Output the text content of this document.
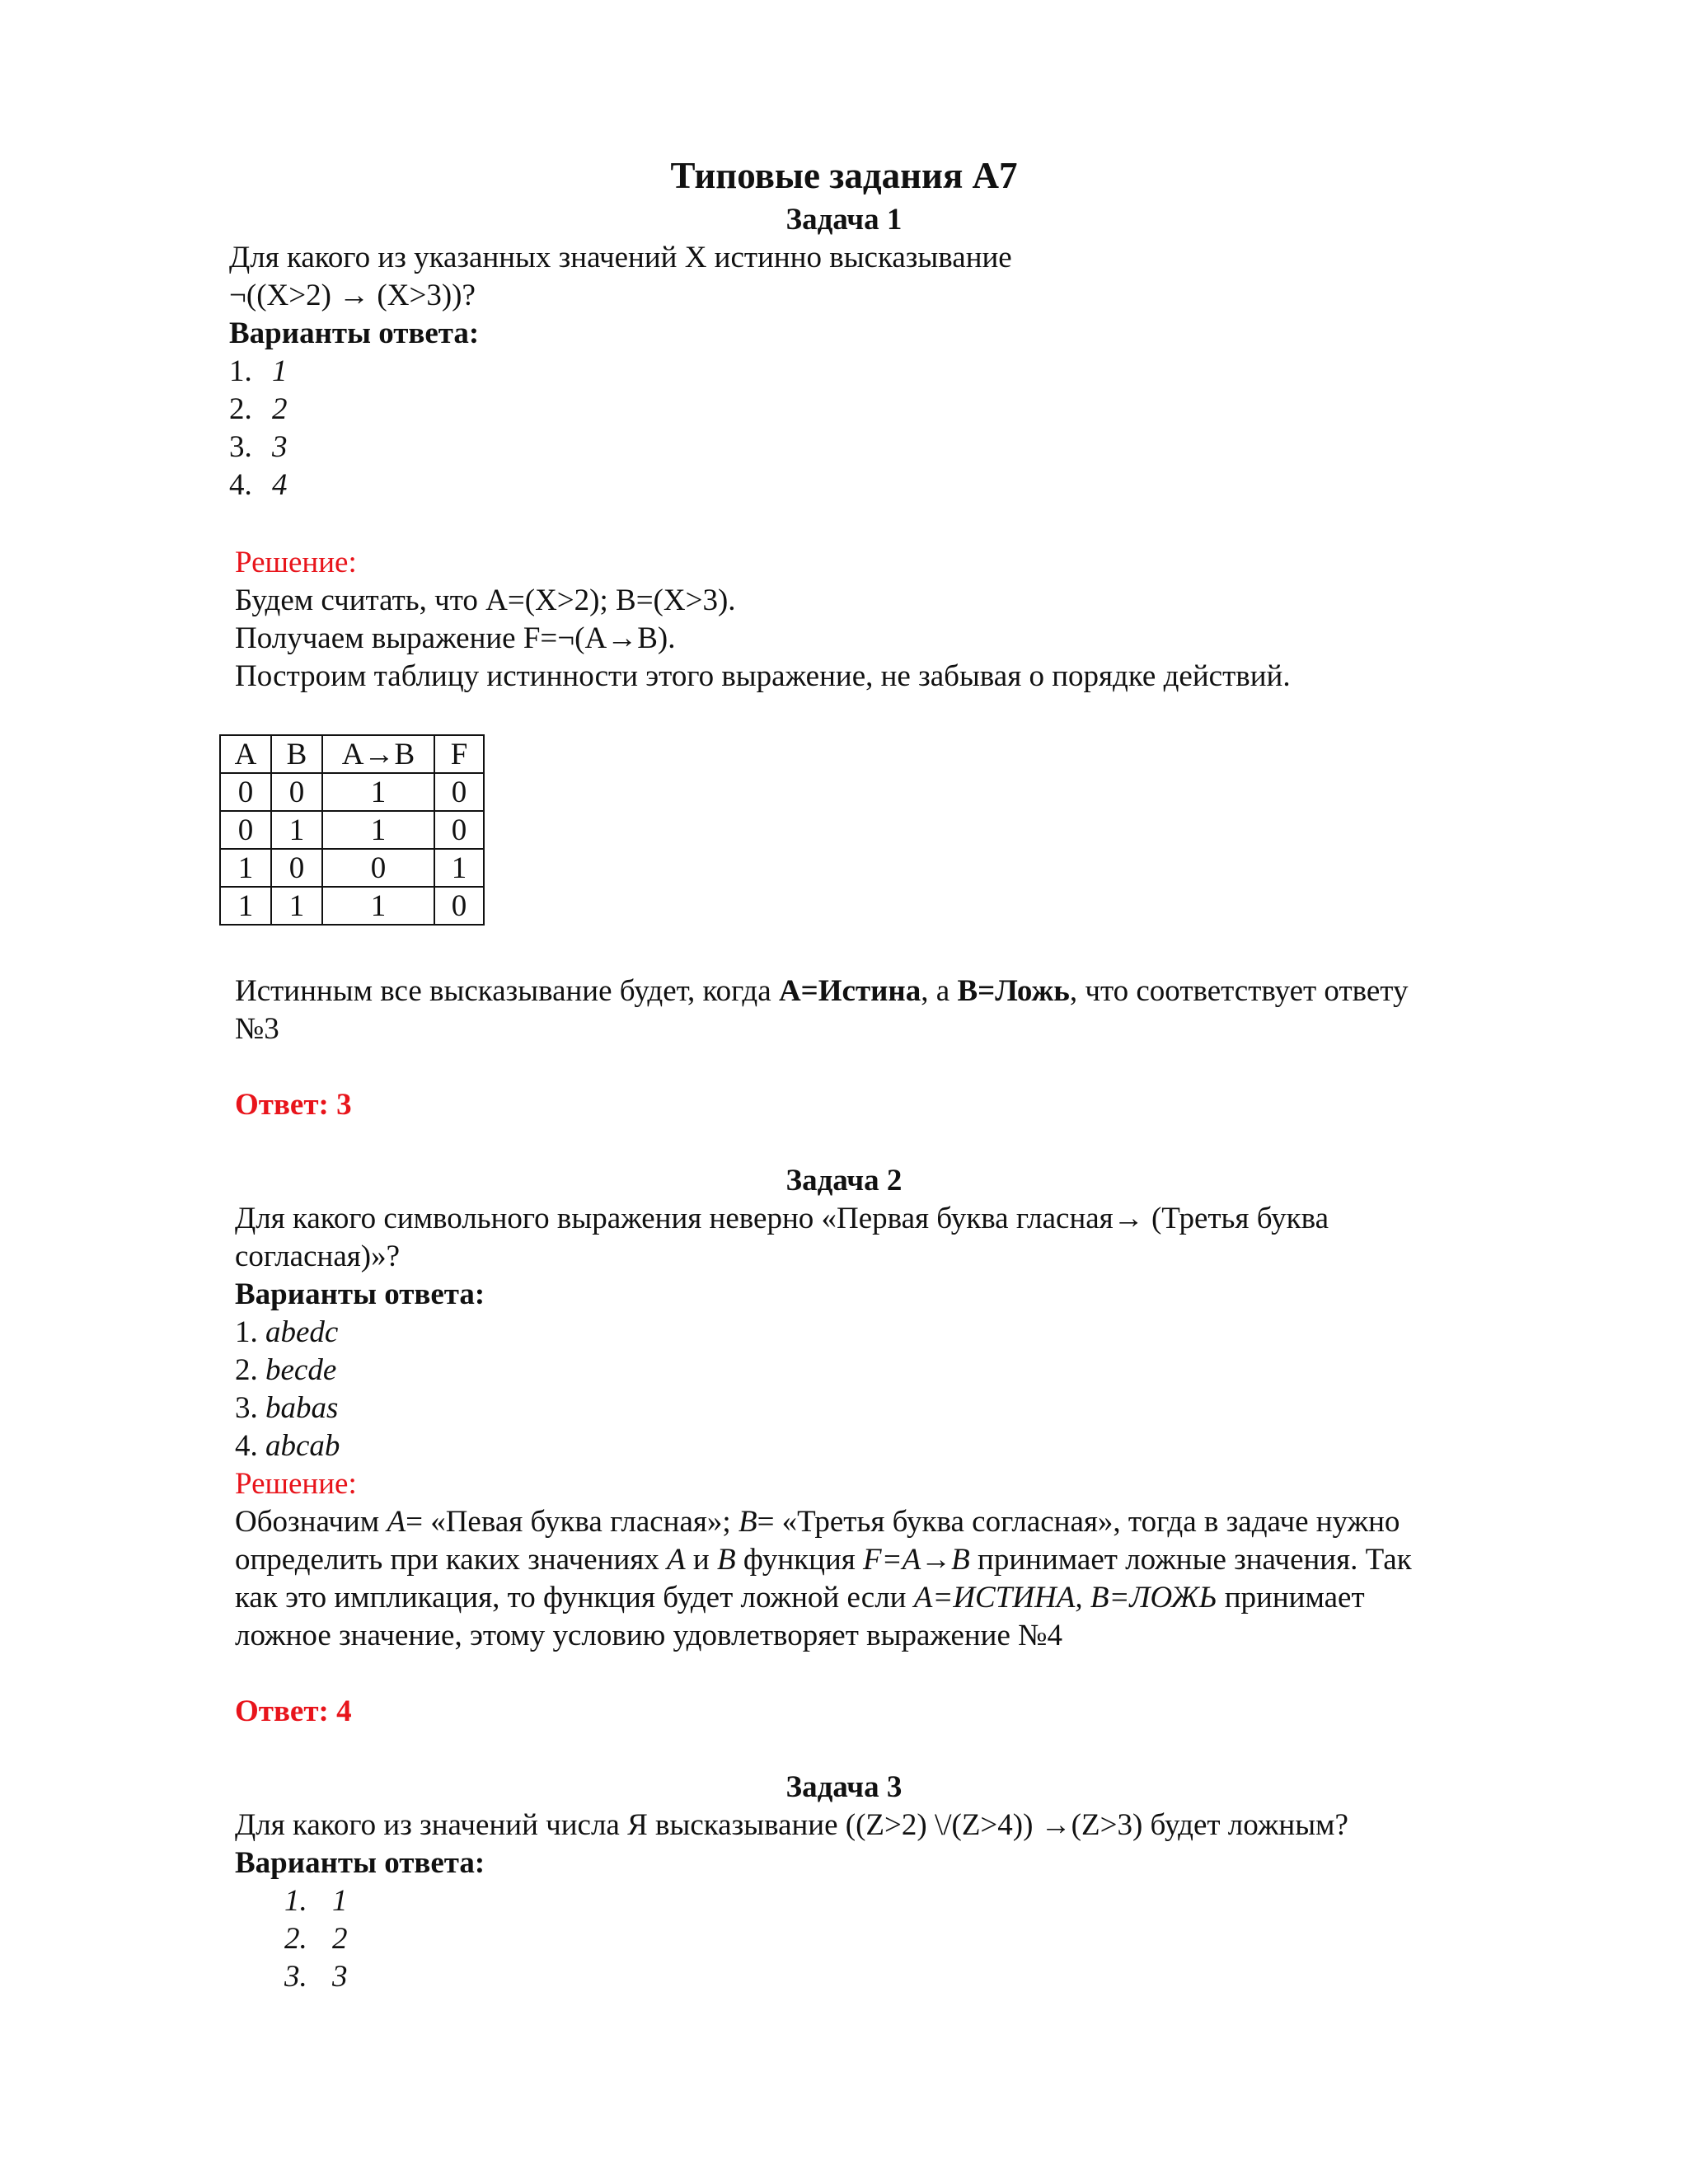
Типовые задания А7
Задача 1
Для какого из указанных значений X истинно высказывание
¬((X>2) → (X>3))?
Варианты ответа:
1. 1
2. 2
3. 3
4. 4
Решение:
Будем считать, что A=(X>2); B=(X>3).
Получаем выражение F=¬(A→B).
Построим таблицу истинности этого выражение, не забывая о порядке действий.
A	B	A→B	F
0	0	1	0
0	1	1	0
1	0	0	1
1	1	1	0
Истинным все высказывание будет, когда А=Истина, а В=Ложь, что соответствует ответу
№3
Ответ: 3
Задача 2
Для какого символьного выражения неверно «Первая буква гласная→ (Третья буква
согласная)»?
Варианты ответа:
1. abedc
2. becde
3. babas
4. abcab
Решение:
Обозначим А= «Певая буква гласная»; В= «Третья буква согласная», тогда в задаче нужно
определить при каких значениях А и В функция F=A→B принимает ложные значения. Так
как это импликация, то функция будет ложной если А=ИСТИНА, В=ЛОЖЬ принимает
ложное значение, этому условию удовлетворяет выражение №4
Ответ: 4
Задача 3
Для какого из значений числа Я высказывание ((Z>2) \/(Z>4)) →(Z>3) будет ложным?
Варианты ответа:
1. 1
2. 2
3. 3
